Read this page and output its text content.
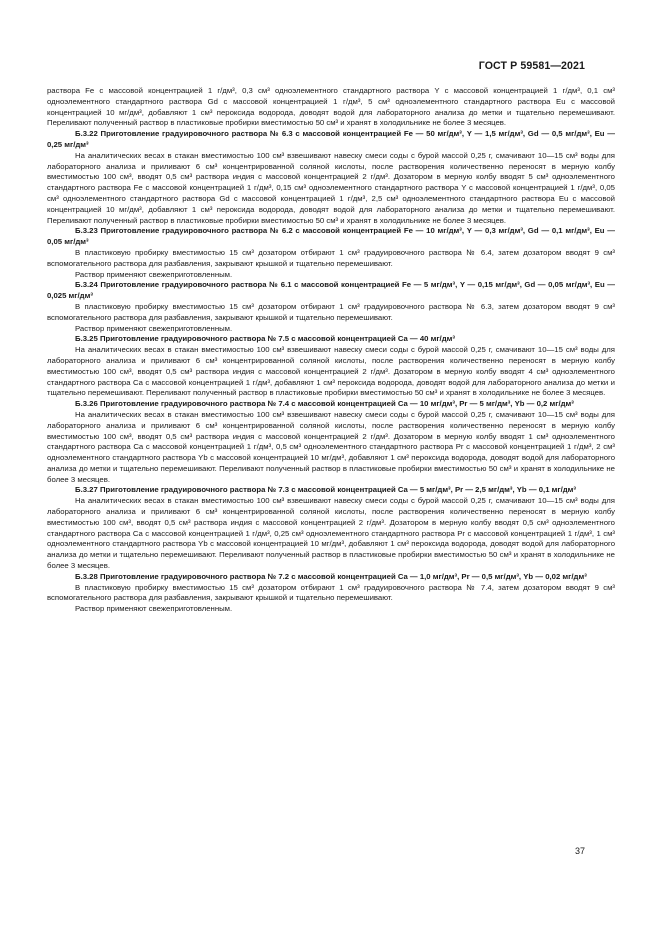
ГОСТ Р 59581—2021

раствора Fe с массовой концентрацией 1 г/дм³, 0,3 см³ одноэлементного стандартного раствора Y с массовой концентрацией 1 г/дм³, 0,1 см³ одноэлементного стандартного раствора Gd с массовой концентрацией 1 г/дм³, 5 см³ одноэлементного стандартного раствора Eu с массовой концентрацией 10 мг/дм³, добавляют 1 см³ пероксида водорода, доводят водой для лабораторного анализа до метки и тщательно перемешивают. Переливают полученный раствор в пластиковые пробирки вместимостью 50 см³ и хранят в холодильнике не более 3 месяцев.

Б.3.22 Приготовление градуировочного раствора № 6.3 с массовой концентрацией Fe — 50 мг/дм³, Y — 1,5 мг/дм³, Gd — 0,5 мг/дм³, Eu — 0,25 мг/дм³

На аналитических весах в стакан вместимостью 100 см³ взвешивают навеску смеси соды с бурой массой 0,25 г, смачивают 10—15 см³ воды для лабораторного анализа и приливают 6 см³ концентрированной соляной кислоты, после растворения количественно переносят в мерную колбу вместимостью 100 см³, вводят 0,5 см³ раствора индия с массовой концентрацией 2 г/дм³. Дозатором в мерную колбу вводят 5 см³ одноэлементного стандартного раствора Fe с массовой концентрацией 1 г/дм³, 0,15 см³ одноэлементного стандартного раствора Y с массовой концентрацией 1 г/дм³, 0,05 см³ одноэлементного стандартного раствора Gd с массовой концентрацией 1 г/дм³, 2,5 см³ одноэлементного стандартного раствора Eu с массовой концентрацией 10 мг/дм³, добавляют 1 см³ пероксида водорода, доводят водой для лабораторного анализа до метки и тщательно перемешивают. Переливают полученный раствор в пластиковые пробирки вместимостью 50 см³ и хранят в холодильнике не более 3 месяцев.

Б.3.23 Приготовление градуировочного раствора № 6.2 с массовой концентрацией Fe — 10 мг/дм³, Y — 0,3 мг/дм³, Gd — 0,1 мг/дм³, Eu — 0,05 мг/дм³

В пластиковую пробирку вместимостью 15 см³ дозатором отбирают 1 см³ градуировочного раствора № 6.4, затем дозатором вводят 9 см³ вспомогательного раствора для разбавления, закрывают крышкой и тщательно перемешивают.

Раствор применяют свежеприготовленным.

Б.3.24 Приготовление градуировочного раствора № 6.1 с массовой концентрацией Fe — 5 мг/дм³, Y — 0,15 мг/дм³, Gd — 0,05 мг/дм³, Eu — 0,025 мг/дм³

В пластиковую пробирку вместимостью 15 см³ дозатором отбирают 1 см³ градуировочного раствора № 6.3, затем дозатором вводят 9 см³ вспомогательного раствора для разбавления, закрывают крышкой и тщательно перемешивают.

Раствор применяют свежеприготовленным.

Б.3.25 Приготовление градуировочного раствора № 7.5 с массовой концентрацией Ca — 40 мг/дм³

На аналитических весах в стакан вместимостью 100 см³ взвешивают навеску смеси соды с бурой массой 0,25 г, смачивают 10—15 см³ воды для лабораторного анализа и приливают 6 см³ концентрированной соляной кислоты, после растворения количественно переносят в мерную колбу вместимостью 100 см³, вводят 0,5 см³ раствора индия с массовой концентрацией 2 г/дм³. Дозатором в мерную колбу вводят 4 см³ одноэлементного стандартного раствора Ca с массовой концентрацией 1 г/дм³, добавляют 1 см³ пероксида водорода, доводят водой для лабораторного анализа до метки и тщательно перемешивают. Переливают полученный раствор в пластиковые пробирки вместимостью 50 см³ и хранят в холодильнике не более 3 месяцев.

Б.3.26 Приготовление градуировочного раствора № 7.4 с массовой концентрацией Ca — 10 мг/дм³, Pr — 5 мг/дм³, Yb — 0,2 мг/дм³

На аналитических весах в стакан вместимостью 100 см³ взвешивают навеску смеси соды с бурой массой 0,25 г, смачивают 10—15 см³ воды для лабораторного анализа и приливают 6 см³ концентрированной соляной кислоты, после растворения количественно переносят в мерную колбу вместимостью 100 см³, вводят 0,5 см³ раствора индия с массовой концентрацией 2 г/дм³. Дозатором в мерную колбу вводят 1 см³ одноэлементного стандартного раствора Ca с массовой концентрацией 1 г/дм³, 0,5 см³ одноэлементного стандартного раствора Pr с массовой концентрацией 1 г/дм³, 2 см³ одноэлементного стандартного раствора Yb с массовой концентрацией 10 мг/дм³, добавляют 1 см³ пероксида водорода, доводят водой для лабораторного анализа до метки и тщательно перемешивают. Переливают полученный раствор в пластиковые пробирки вместимостью 50 см³ и хранят в холодильнике не более 3 месяцев.

Б.3.27 Приготовление градуировочного раствора № 7.3 с массовой концентрацией Ca — 5 мг/дм³, Pr — 2,5 мг/дм³, Yb — 0,1 мг/дм³

На аналитических весах в стакан вместимостью 100 см³ взвешивают навеску смеси соды с бурой массой 0,25 г, смачивают 10—15 см³ воды для лабораторного анализа и приливают 6 см³ концентрированной соляной кислоты, после растворения количественно переносят в мерную колбу вместимостью 100 см³, вводят 0,5 см³ раствора индия с массовой концентрацией 2 г/дм³. Дозатором в мерную колбу вводят 0,5 см³ одноэлементного стандартного раствора Ca с массовой концентрацией 1 г/дм³, 0,25 см³ одноэлементного стандартного раствора Pr с массовой концентрацией 1 г/дм³, 1 см³ одноэлементного стандартного раствора Yb с массовой концентрацией 10 мг/дм³, добавляют 1 см³ пероксида водорода, доводят водой для лабораторного анализа до метки и тщательно перемешивают. Переливают полученный раствор в пластиковые пробирки вместимостью 50 см³ и хранят в холодильнике не более 3 месяцев.

Б.3.28 Приготовление градуировочного раствора № 7.2 с массовой концентрацией Ca — 1,0 мг/дм³, Pr — 0,5 мг/дм³, Yb — 0,02 мг/дм³

В пластиковую пробирку вместимостью 15 см³ дозатором отбирают 1 см³ градуировочного раствора № 7.4, затем дозатором вводят 9 см³ вспомогательного раствора для разбавления, закрывают крышкой и тщательно перемешивают.

Раствор применяют свежеприготовленным.

37
